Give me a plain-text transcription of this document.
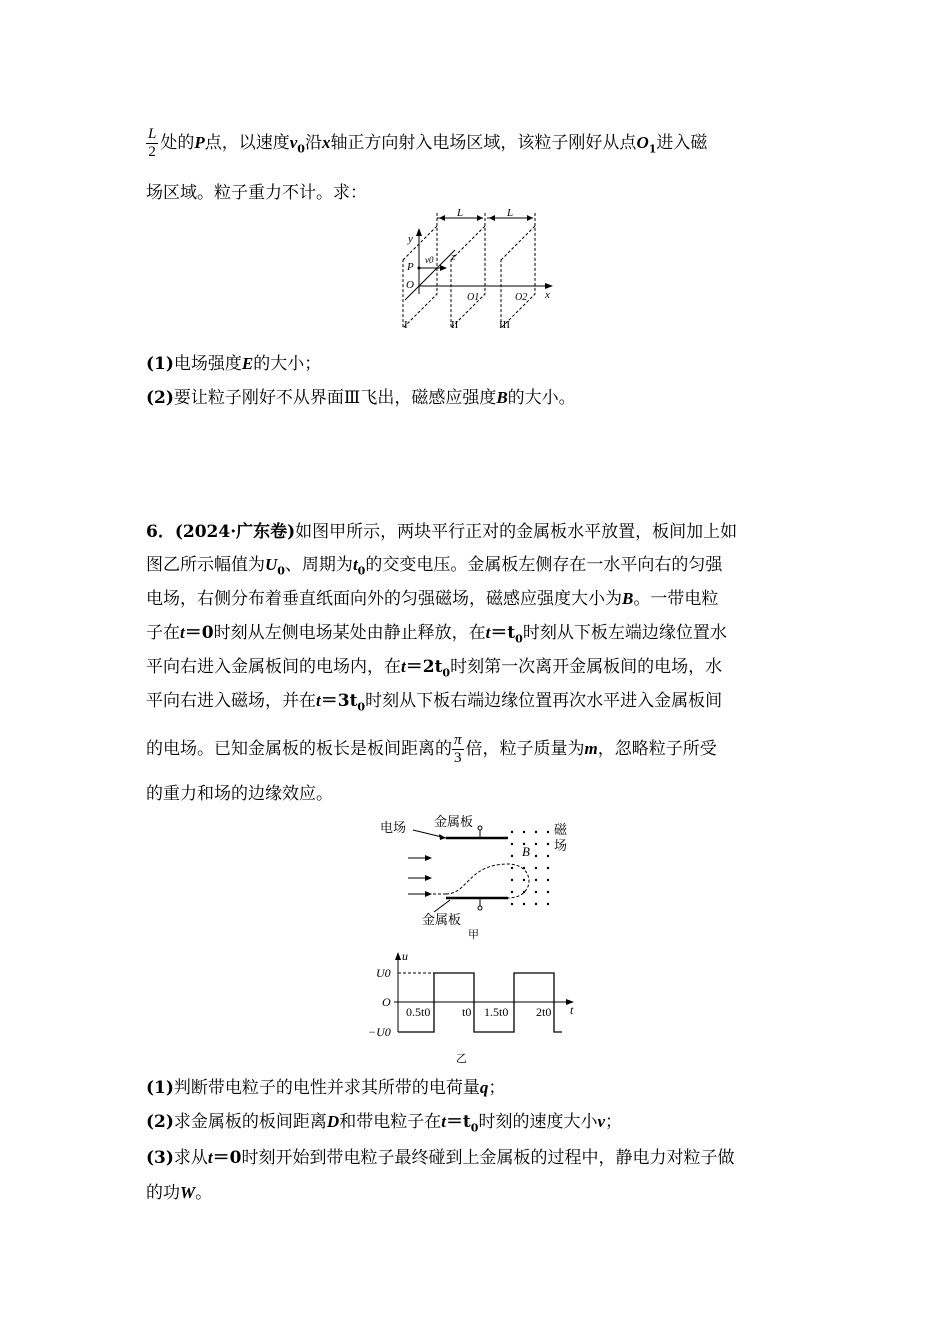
$\frac{L}{2}$ 处的P点，以速度$v_0$沿x轴正方向射入电场区域，该粒子刚好从点$O_1$进入磁
场区域。粒子重力不计。求：
L	L
y
z
P
v0
O
O1	O2 x
I	II	III
(1)电场强度E的大小；
(2)要让粒子刚好不从界面Ⅲ飞出，磁感应强度B的大小。
6．(2024·广东卷)如图甲所示，两块平行正对的金属板水平放置，板间加上如
图乙所示幅值为$U_0$、周期为$t_0$的交变电压。金属板左侧存在一水平向右的匀强
电场，右侧分布着垂直纸面向外的匀强磁场，磁感应强度大小为B。一带电粒
子在t＝0时刻从左侧电场某处由静止释放，在$t=t_0$时刻从下板左端边缘位置水
平向右进入金属板间的电场内，在$t=2t_0$时刻第一次离开金属板间的电场，水
平向右进入磁场，并在$t=3t_0$时刻从下板右端边缘位置再次水平进入金属板间
的电场。已知金属板的板长是板间距离的 $\frac{\pi}{3}$ 倍，粒子质量为m，忽略粒子所受
的重力和场的边缘效应。
电场 金属板
磁
场
金属板
甲
B
u
U0
O
−U0
t
0.5t0	t0 1.5t0 2t0
乙
(1)判断带电粒子的电性并求其所带的电荷量q；
(2)求金属板的板间距离D和带电粒子在$t=t_0$时刻的速度大小v；
(3)求从t＝0时刻开始到带电粒子最终碰到上金属板的过程中，静电力对粒子做
的功W。
